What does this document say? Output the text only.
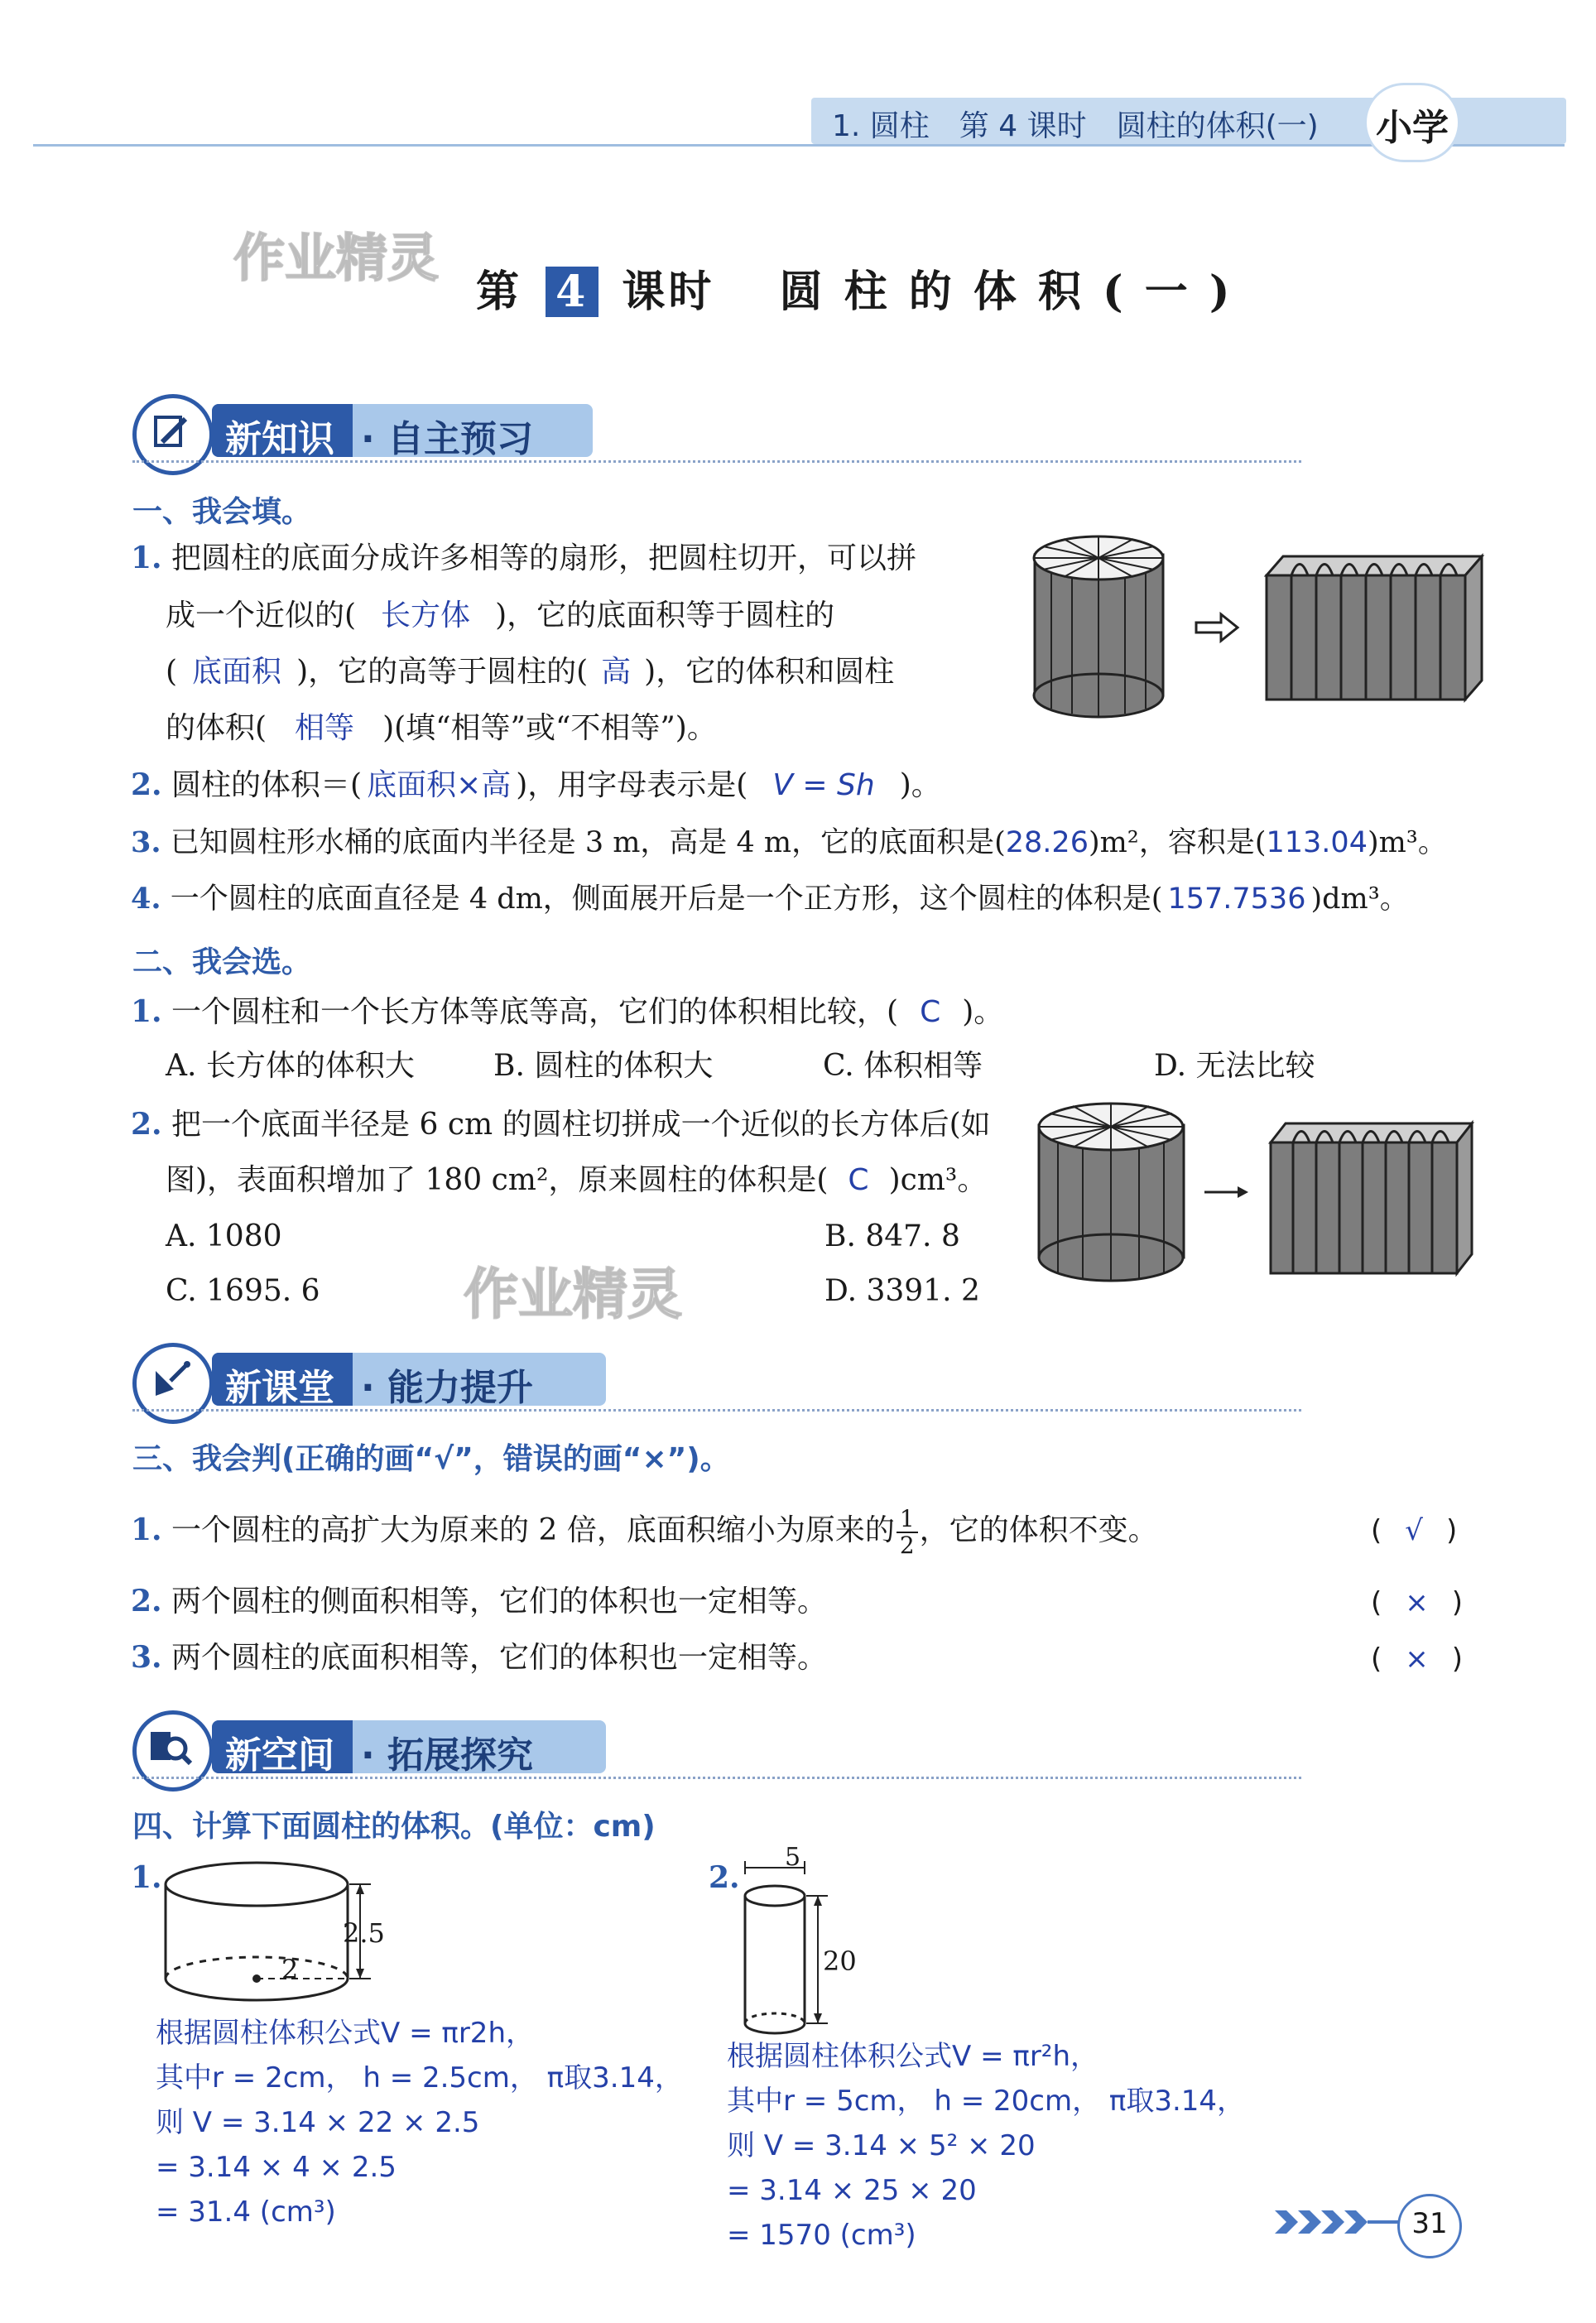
1. 圆柱　第 4 课时　圆柱的体积(一) 小学
作业精灵
第 4 课时　 圆 柱 的 体 积 ( 一 )
新知识 · 自主预习
一、我会填。
1. 把圆柱的底面分成许多相等的扇形，把圆柱切开，可以拼
成一个近似的( 长方体 )，它的底面积等于圆柱的
( 底面积 )，它的高等于圆柱的( 高 )，它的体积和圆柱
的体积( 相等 )(填“相等”或“不相等”)。
2. 圆柱的体积＝( 底面积×高 )，用字母表示是( V = Sh )。
3. 已知圆柱形水桶的底面内半径是 3 m，高是 4 m，它的底面积是(28.26)m²，容积是(113.04)m³。
4. 一个圆柱的底面直径是 4 dm，侧面展开后是一个正方形，这个圆柱的体积是( 157.7536 )dm³。
二、我会选。
1. 一个圆柱和一个长方体等底等高，它们的体积相比较，( C )。
A. 长方体的体积大	B. 圆柱的体积大	C. 体积相等	D. 无法比较
2. 把一个底面半径是 6 cm 的圆柱切拼成一个近似的长方体后(如
图)，表面积增加了 180 cm²，原来圆柱的体积是( C )cm³。
A. 1080	B. 847. 8
C. 1695. 6	D. 3391. 2
作业精灵
新课堂 · 能力提升
三、我会判(正确的画“√”，错误的画“×”)。
1. 一个圆柱的高扩大为原来的 2 倍，底面积缩小为原来的 $\frac{1}{2}$ ，它的体积不变。	( √ )
2. 两个圆柱的侧面积相等，它们的体积也一定相等。	( × )
3. 两个圆柱的底面积相等，它们的体积也一定相等。	( × )
新空间 · 拓展探究
四、计算下面圆柱的体积。(单位：cm)
1.
2.5
2
根据圆柱体积公式V = πr2h，
其中r = 2cm， h = 2.5cm， π取3.14，
则 V = 3.14 × 22 × 2.5
= 3.14 × 4 × 2.5
= 31.4 (cm³)
2.
5
20
根据圆柱体积公式V = πr²h，
其中r = 5cm， h = 20cm， π取3.14，
则 V = 3.14 × 5² × 20
= 3.14 × 25 × 20
= 1570 (cm³)	31
